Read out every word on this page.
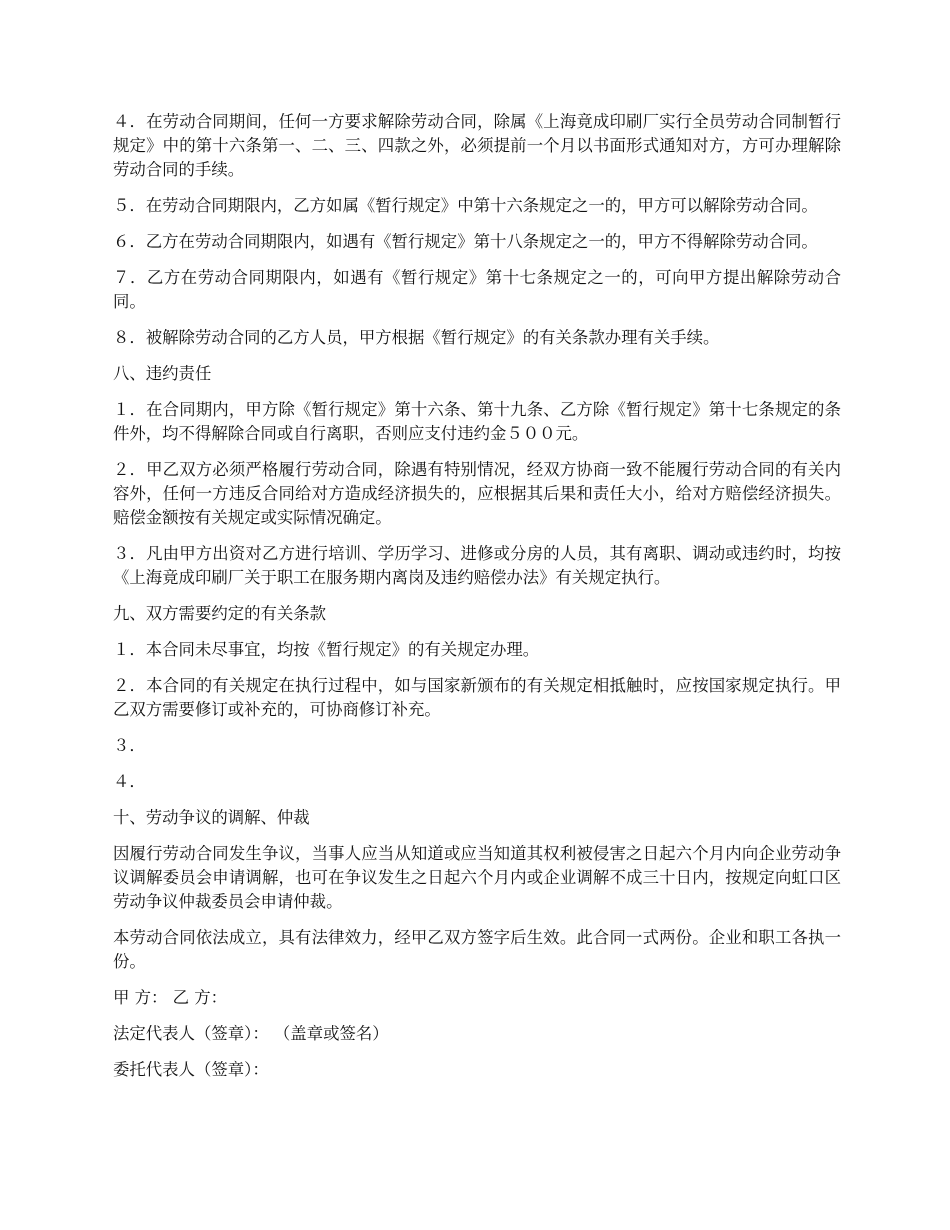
４．在劳动合同期间，任何一方要求解除劳动合同，除属《上海竟成印刷厂实行全员劳动合同制暂行规定》中的第十六条第一、二、三、四款之外，必须提前一个月以书面形式通知对方，方可办理解除劳动合同的手续。

５．在劳动合同期限内，乙方如属《暂行规定》中第十六条规定之一的，甲方可以解除劳动合同。

６．乙方在劳动合同期限内，如遇有《暂行规定》第十八条规定之一的，甲方不得解除劳动合同。

７．乙方在劳动合同期限内，如遇有《暂行规定》第十七条规定之一的，可向甲方提出解除劳动合同。

８．被解除劳动合同的乙方人员，甲方根据《暂行规定》的有关条款办理有关手续。

八、违约责任

１．在合同期内，甲方除《暂行规定》第十六条、第十九条、乙方除《暂行规定》第十七条规定的条件外，均不得解除合同或自行离职，否则应支付违约金５００元。

２．甲乙双方必须严格履行劳动合同，除遇有特别情况，经双方协商一致不能履行劳动合同的有关内容外，任何一方违反合同给对方造成经济损失的，应根据其后果和责任大小，给对方赔偿经济损失。赔偿金额按有关规定或实际情况确定。

３．凡由甲方出资对乙方进行培训、学历学习、进修或分房的人员，其有离职、调动或违约时，均按《上海竟成印刷厂关于职工在服务期内离岗及违约赔偿办法》有关规定执行。

九、双方需要约定的有关条款

１．本合同未尽事宜，均按《暂行规定》的有关规定办理。

２．本合同的有关规定在执行过程中，如与国家新颁布的有关规定相抵触时，应按国家规定执行。甲乙双方需要修订或补充的，可协商修订补充。

３．

４．

十、劳动争议的调解、仲裁

因履行劳动合同发生争议，当事人应当从知道或应当知道其权利被侵害之日起六个月内向企业劳动争议调解委员会申请调解，也可在争议发生之日起六个月内或企业调解不成三十日内，按规定向虹口区劳动争议仲裁委员会申请仲裁。

本劳动合同依法成立，具有法律效力，经甲乙双方签字后生效。此合同一式两份。企业和职工各执一份。

甲 方： 乙 方：

法定代表人（签章）： （盖章或签名）

委托代表人（签章）：
